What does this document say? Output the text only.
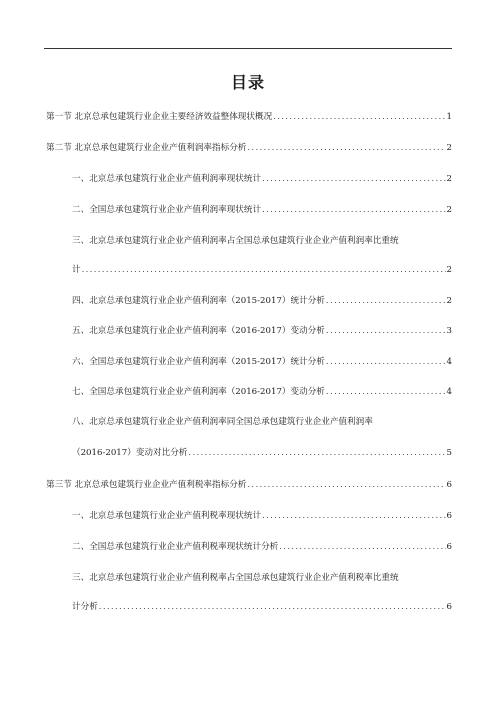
目录
第一节 北京总承包建筑行业企业主要经济效益整体现状概况 .....	1
第二节 北京总承包建筑行业企业产值利润率指标分析 .....	2
一、北京总承包建筑行业企业产值利润率现状统计 .....	2
二、全国总承包建筑行业企业产值利润率现状统计 .....	2
三、北京总承包建筑行业企业产值利润率占全国总承包建筑行业企业产值利润率比重统
计 .....	2
四、北京总承包建筑行业企业产值利润率（2015-2017）统计分析 .....	2
五、北京总承包建筑行业企业产值利润率（2016-2017）变动分析 .....	3
六、全国总承包建筑行业企业产值利润率（2015-2017）统计分析 .....	4
七、全国总承包建筑行业企业产值利润率（2016-2017）变动分析 .....	4
八、北京总承包建筑行业企业产值利润率同全国总承包建筑行业企业产值利润率
（2016-2017）变动对比分析 .....	5
第三节 北京总承包建筑行业企业产值利税率指标分析 .....	6
一、北京总承包建筑行业企业产值利税率现状统计 .....	6
二、全国总承包建筑行业企业产值利税率现状统计分析 .....	6
三、北京总承包建筑行业企业产值利税率占全国总承包建筑行业企业产值利税率比重统
计分析 .....	6
